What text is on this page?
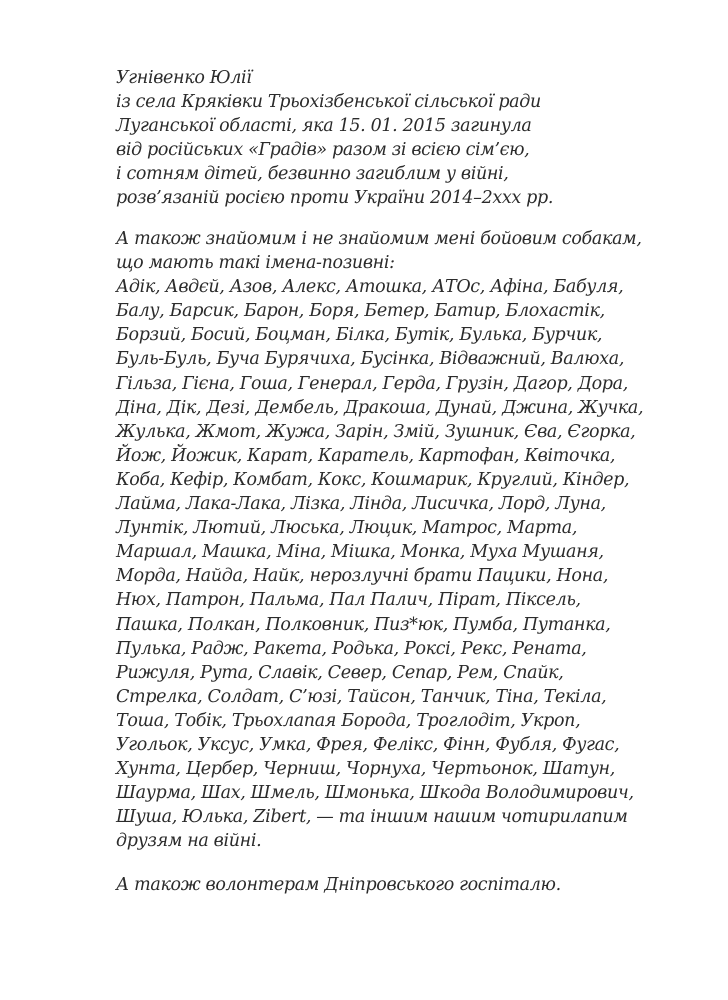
Угнівенко Юлії
із села Кряківки Трьохізбенської сільської ради
Луганської області, яка 15. 01. 2015 загинула
від російських «Градів» разом зі всією сім’єю,
і сотням дітей, безвинно загиблим у війні,
розв’язаній росією проти України 2014–2ххх рр.
А також знайомим і не знайомим мені бойовим собакам,
що мають такі імена-позивні:
Адік, Авдєй, Азов, Алекс, Атошка, АТОс, Афіна, Бабуля,
Балу, Барсик, Барон, Боря, Бетер, Батир, Блохастік,
Борзий, Босий, Боцман, Білка, Бутік, Булька, Бурчик,
Буль-Буль, Буча Бурячиха, Бусінка, Відважний, Валюха,
Гільза, Гієна, Гоша, Генерал, Герда, Грузін, Дагор, Дора,
Діна, Дік, Дезі, Дембель, Дракоша, Дунай, Джина, Жучка,
Жулька, Жмот, Жужа, Зарін, Змій, Зушник, Єва, Єгорка,
Йож, Йожик, Карат, Каратель, Картофан, Квіточка,
Коба, Кефір, Комбат, Кокс, Кошмарик, Круглий, Кіндер,
Лайма, Лака-Лака, Лізка, Лінда, Лисичка, Лорд, Луна,
Лунтік, Лютий, Люська, Люцик, Матрос, Марта,
Маршал, Машка, Міна, Мішка, Монка, Муха Мушаня,
Морда, Найда, Найк, нерозлучні брати Пацики, Нона,
Нюх, Патрон, Пальма, Пал Палич, Пірат, Піксель,
Пашка, Полкан, Полковник, Пиз*юк, Пумба, Путанка,
Пулька, Радж, Ракета, Родька, Роксі, Рекс, Рената,
Рижуля, Рута, Славік, Север, Сепар, Рем, Спайк,
Стрелка, Солдат, С’юзі, Тайсон, Танчик, Тіна, Текіла,
Тоша, Тобік, Трьохлапая Борода, Троглодіт, Укроп,
Угольок, Уксус, Умка, Фрея, Фелікс, Фінн, Фубля, Фугас,
Хунта, Цербер, Черниш, Чорнуха, Чертьонок, Шатун,
Шаурма, Шах, Шмель, Шмонька, Шкода Володимирович,
Шуша, Юлька, Zibert, — та іншим нашим чотирилапим
друзям на війні.
А також волонтерам Дніпровського госпіталю.
